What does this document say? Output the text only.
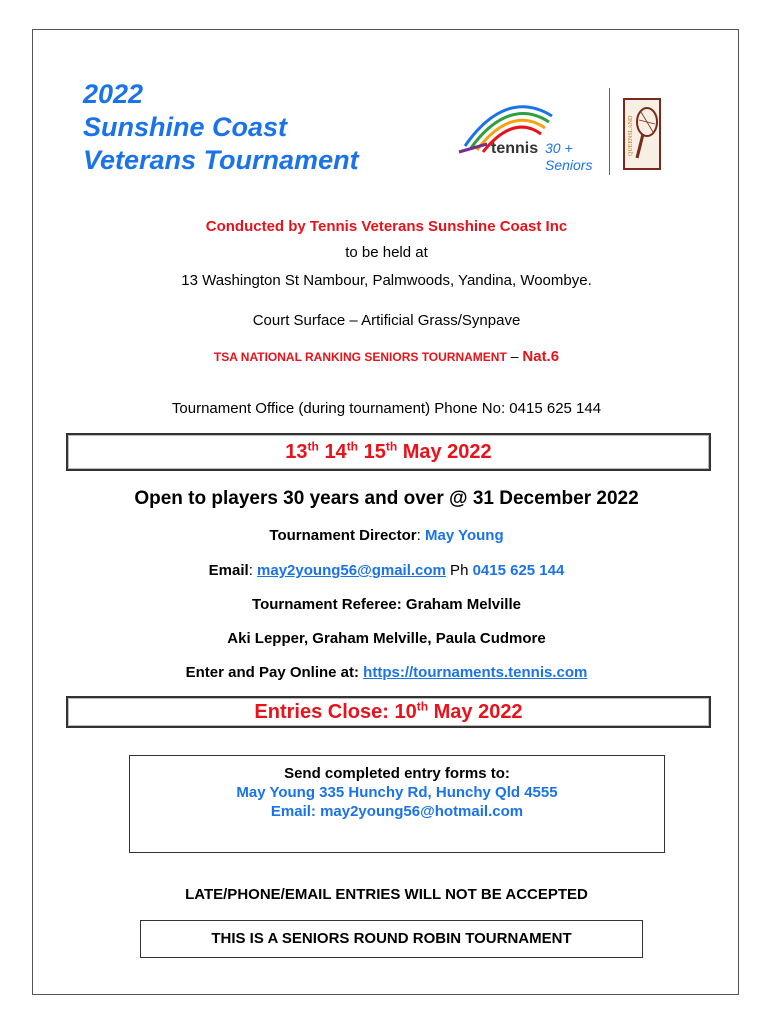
2022
Sunshine Coast
Veterans Tournament	tennis 30 +
Seniors
QUEENSLAND
Conducted by Tennis Veterans Sunshine Coast Inc
to be held at
13 Washington St Nambour, Palmwoods, Yandina, Woombye.
Court Surface – Artificial Grass/Synpave
TSA NATIONAL RANKING SENIORS TOURNAMENT – Nat.6
Tournament Office (during tournament) Phone No: 0415 625 144
13th 14th 15th May 2022
Open to players 30 years and over @ 31 December 2022
Tournament Director: May Young
Email: may2young56@gmail.com Ph 0415 625 144
Tournament Referee: Graham Melville
Aki Lepper, Graham Melville, Paula Cudmore
Enter and Pay Online at: https://tournaments.tennis.com
Entries Close: 10th May 2022
Send completed entry forms to:
May Young 335 Hunchy Rd, Hunchy Qld 4555
Email: may2young56@hotmail.com
LATE/PHONE/EMAIL ENTRIES WILL NOT BE ACCEPTED
THIS IS A SENIORS ROUND ROBIN TOURNAMENT
